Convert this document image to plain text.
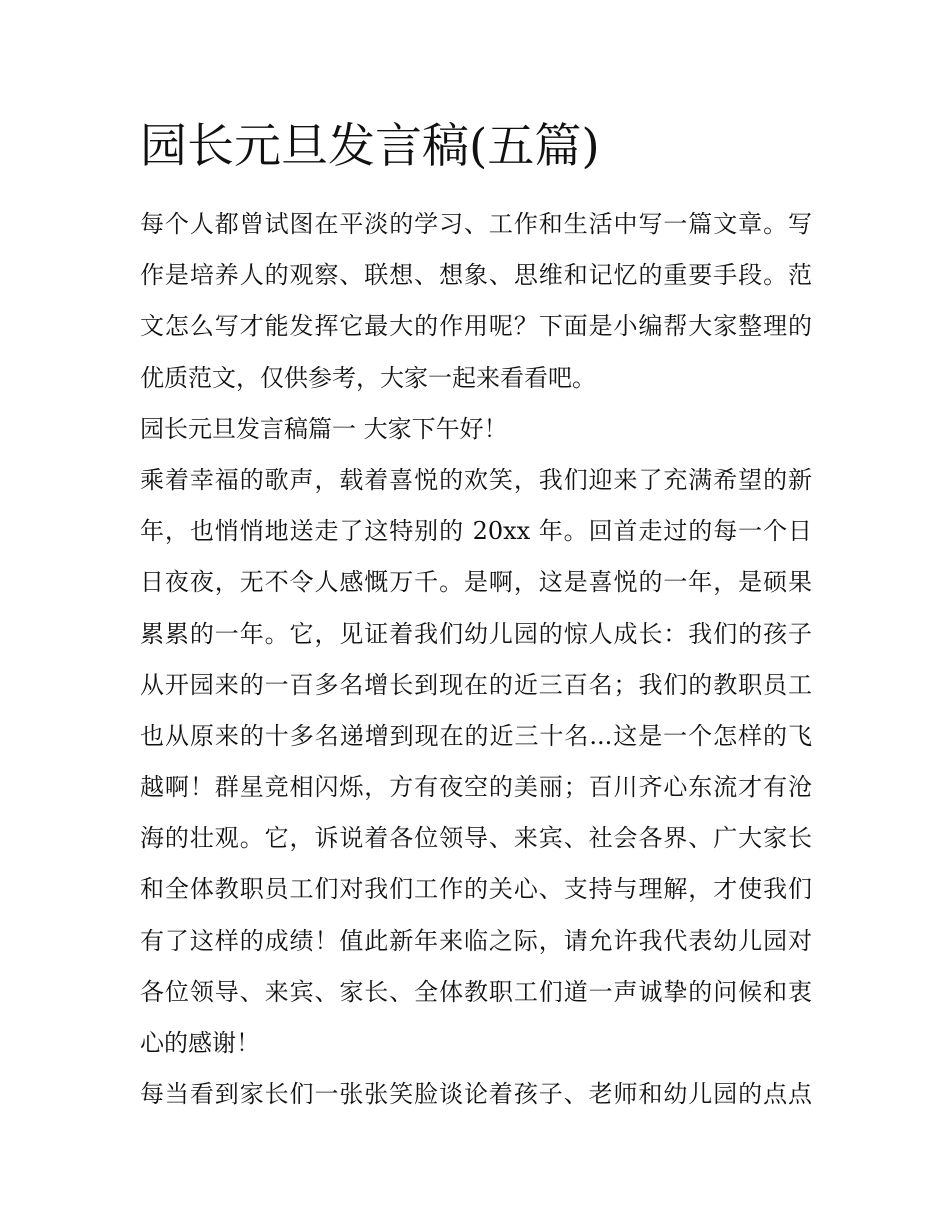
园长元旦发言稿(五篇)
每个人都曾试图在平淡的学习、工作和生活中写一篇文章。写
作是培养人的观察、联想、想象、思维和记忆的重要手段。范
文怎么写才能发挥它最大的作用呢？下面是小编帮大家整理的
优质范文，仅供参考，大家一起来看看吧。
园长元旦发言稿篇一 大家下午好！
乘着幸福的歌声，载着喜悦的欢笑，我们迎来了充满希望的新
年，也悄悄地送走了这特别的 20xx 年。回首走过的每一个日
日夜夜，无不令人感慨万千。是啊，这是喜悦的一年，是硕果
累累的一年。它，见证着我们幼儿园的惊人成长：我们的孩子
从开园来的一百多名增长到现在的近三百名；我们的教职员工
也从原来的十多名递增到现在的近三十名...这是一个怎样的飞
越啊！群星竞相闪烁，方有夜空的美丽；百川齐心东流才有沧
海的壮观。它，诉说着各位领导、来宾、社会各界、广大家长
和全体教职员工们对我们工作的关心、支持与理解，才使我们
有了这样的成绩！值此新年来临之际，请允许我代表幼儿园对
各位领导、来宾、家长、全体教职工们道一声诚挚的问候和衷
心的感谢！
每当看到家长们一张张笑脸谈论着孩子、老师和幼儿园的点点
